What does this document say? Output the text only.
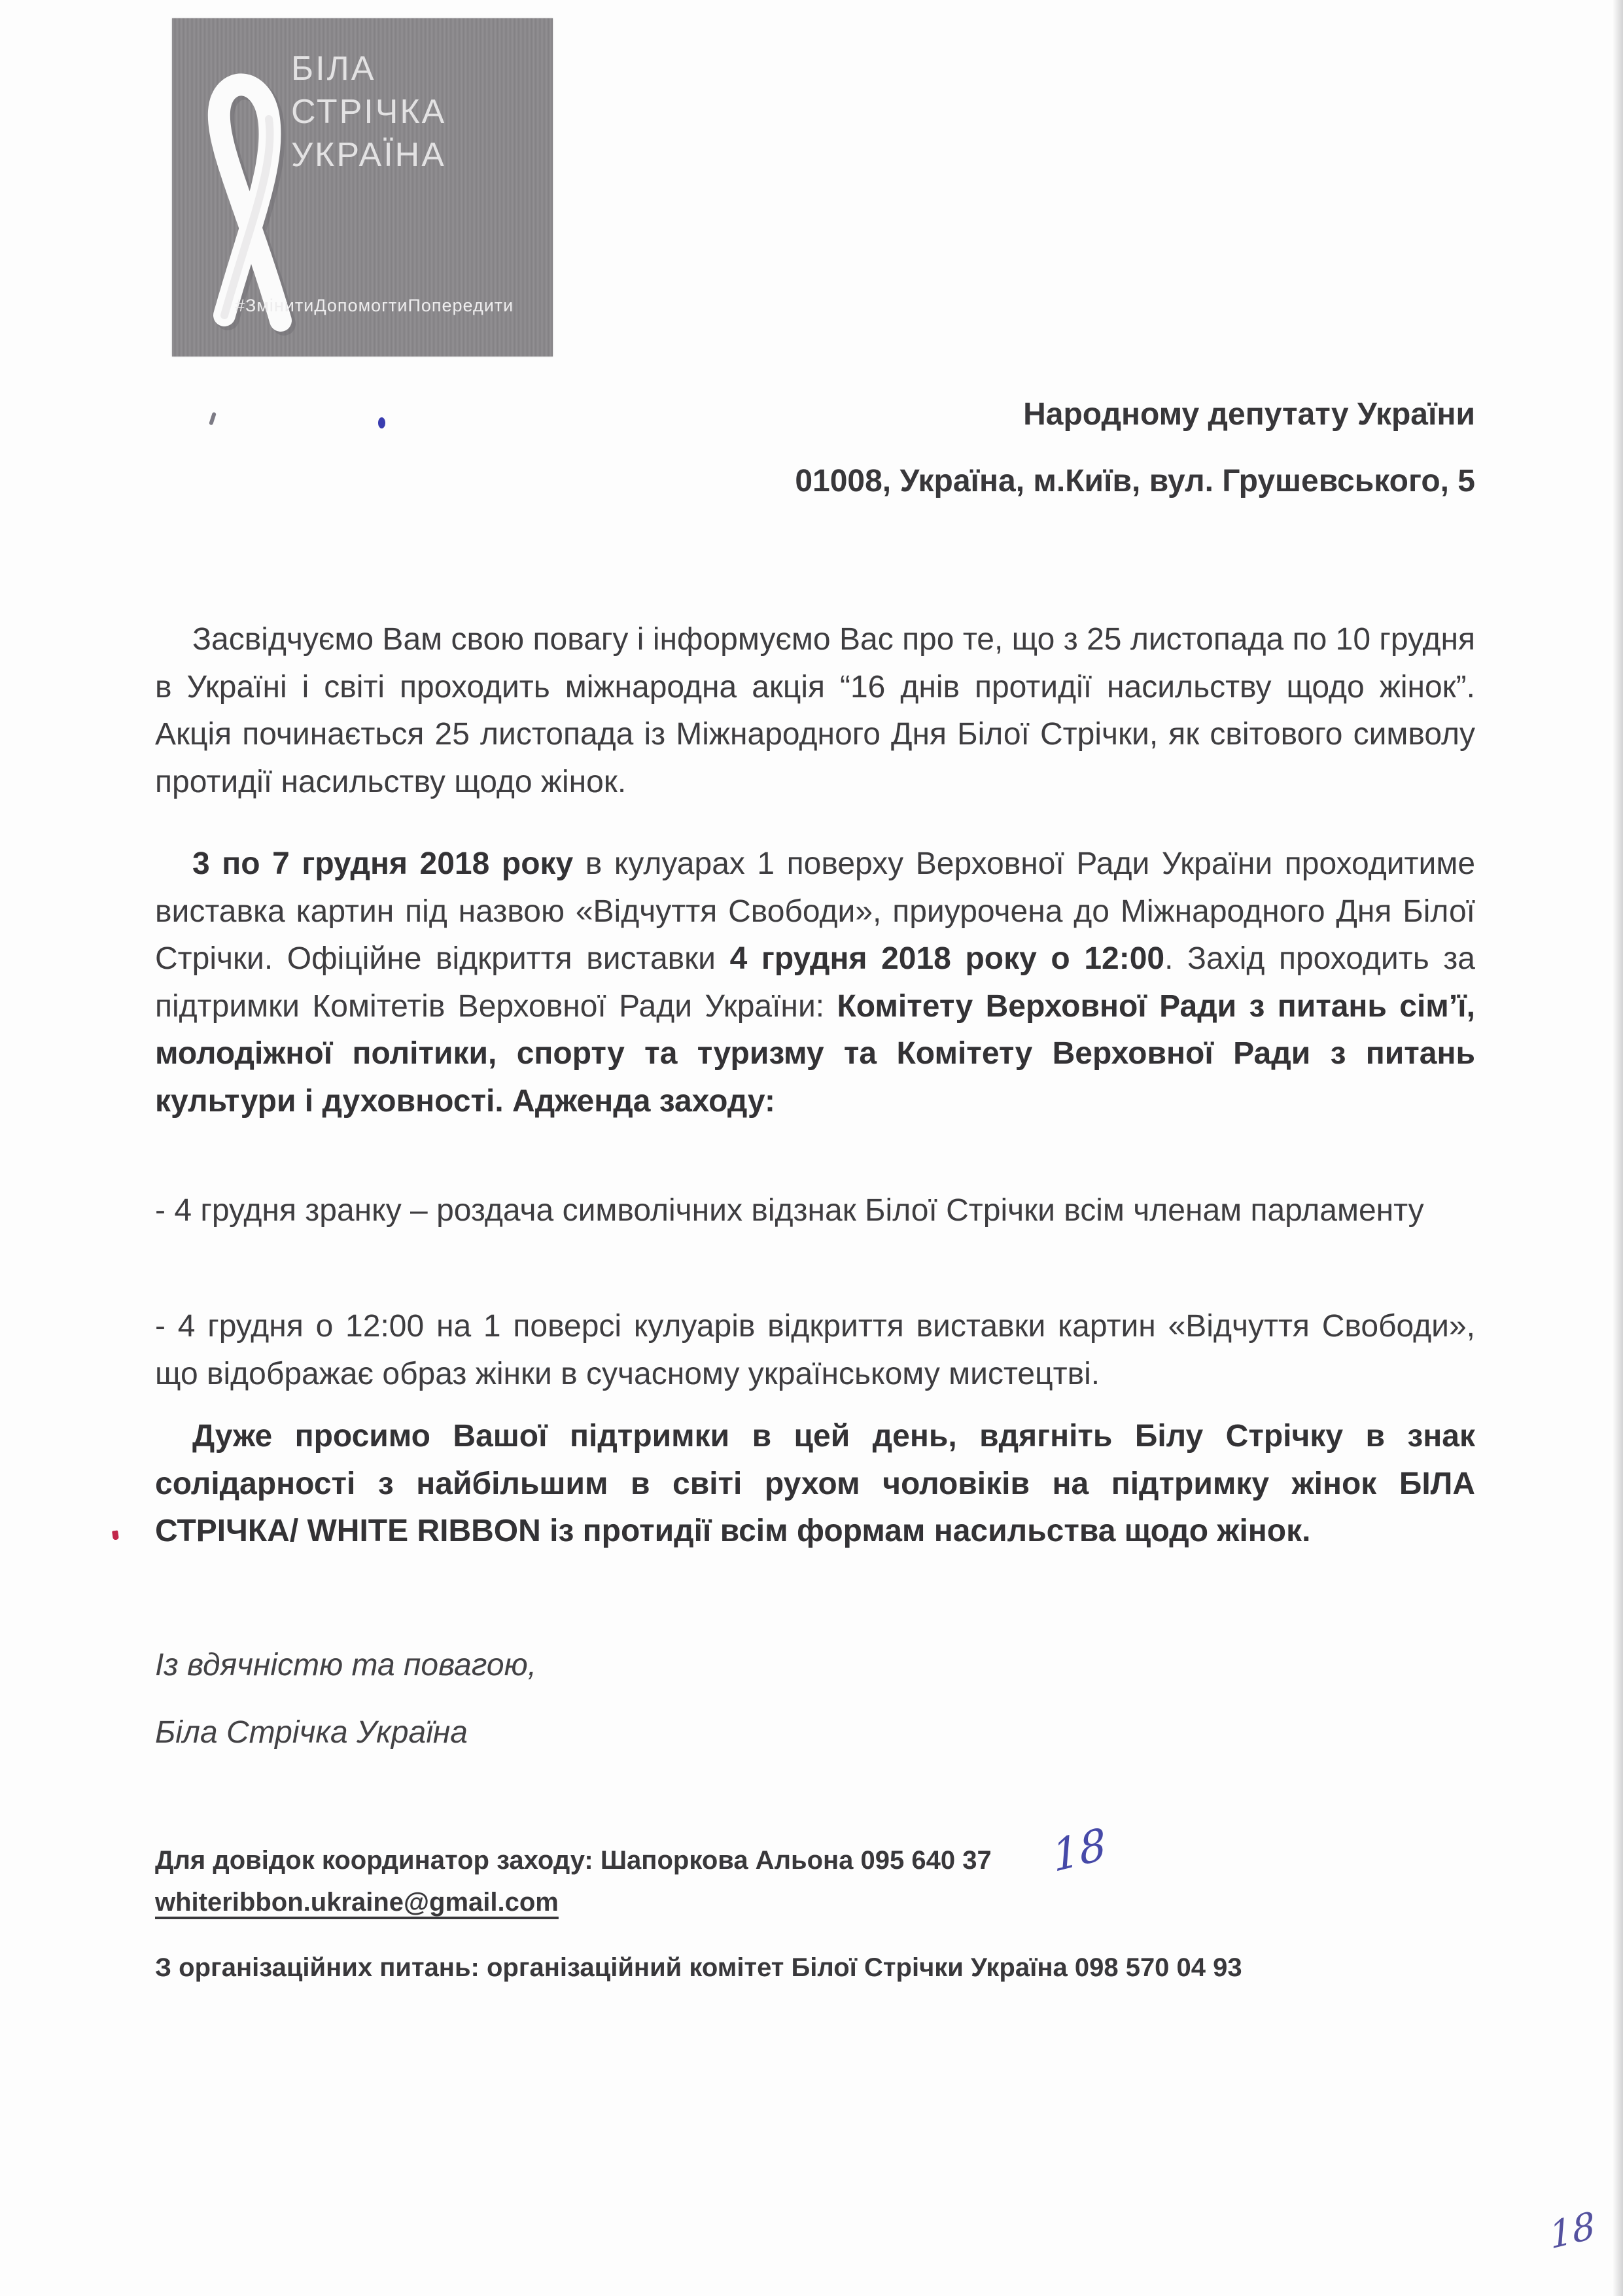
БІЛА
СТРІЧКА
УКРАЇНА
#ЗмінитиДопомогтиПопередити
Народному депутату України
01008, Україна, м.Київ, вул. Грушевського, 5

Засвідчуємо Вам свою повагу і інформуємо Вас про те, що з 25 листопада по 10 грудня в Україні і світі проходить міжнародна акція “16 днів протидії насильству щодо жінок”. Акція починається 25 листопада із Міжнародного Дня Білої Стрічки, як світового символу протидії насильству щодо жінок.

3 по 7 грудня 2018 року в кулуарах 1 поверху Верховної Ради України проходитиме виставка картин під назвою «Відчуття Свободи», приурочена до Міжнародного Дня Білої Стрічки. Офіційне відкриття виставки 4 грудня 2018 року о 12:00. Захід проходить за підтримки Комітетів Верховної Ради України: Комітету Верховної Ради з питань сім’ї, молодіжної політики, спорту та туризму та Комітету Верховної Ради з питань культури і духовності. Адженда заходу:

- 4 грудня зранку – роздача символічних відзнак Білої Стрічки всім членам парламенту

- 4 грудня о 12:00 на 1 поверсі кулуарів відкриття виставки картин «Відчуття Свободи», що відображає образ жінки в сучасному українському мистецтві.

Дуже просимо Вашої підтримки в цей день, вдягніть Білу Стрічку в знак солідарності з найбільшим в світі рухом чоловіків на підтримку жінок БІЛА СТРІЧКА/ WHITE RIBBON із протидії всім формам насильства щодо жінок.

Із вдячністю та повагою,

Біла Стрічка Україна

Для довідок координатор заходу: Шапоркова Альона 095 640 37	18

whiteribbon.ukraine@gmail.com

З організаційних питань: організаційний комітет Білої Стрічки Україна 098 570 04 93

18
